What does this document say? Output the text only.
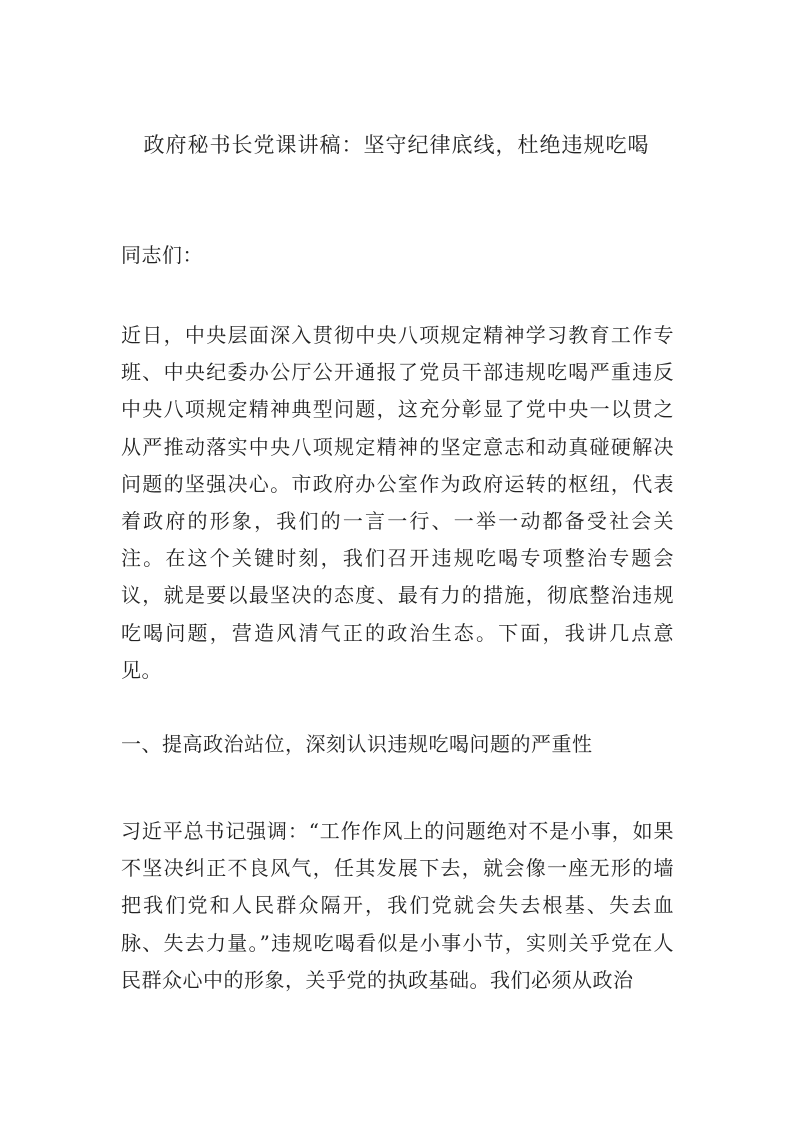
政府秘书长党课讲稿：坚守纪律底线，杜绝违规吃喝

同志们：

近日，中央层面深入贯彻中央八项规定精神学习教育工作专班、中央纪委办公厅公开通报了党员干部违规吃喝严重违反中央八项规定精神典型问题，这充分彰显了党中央一以贯之从严推动落实中央八项规定精神的坚定意志和动真碰硬解决问题的坚强决心。市政府办公室作为政府运转的枢纽，代表着政府的形象，我们的一言一行、一举一动都备受社会关注。在这个关键时刻，我们召开违规吃喝专项整治专题会议，就是要以最坚决的态度、最有力的措施，彻底整治违规吃喝问题，营造风清气正的政治生态。下面，我讲几点意见。

一、提高政治站位，深刻认识违规吃喝问题的严重性

习近平总书记强调：“工作作风上的问题绝对不是小事，如果不坚决纠正不良风气，任其发展下去，就会像一座无形的墙把我们党和人民群众隔开，我们党就会失去根基、失去血脉、失去力量。”违规吃喝看似是小事小节，实则关乎党在人民群众心中的形象，关乎党的执政基础。我们必须从政治
